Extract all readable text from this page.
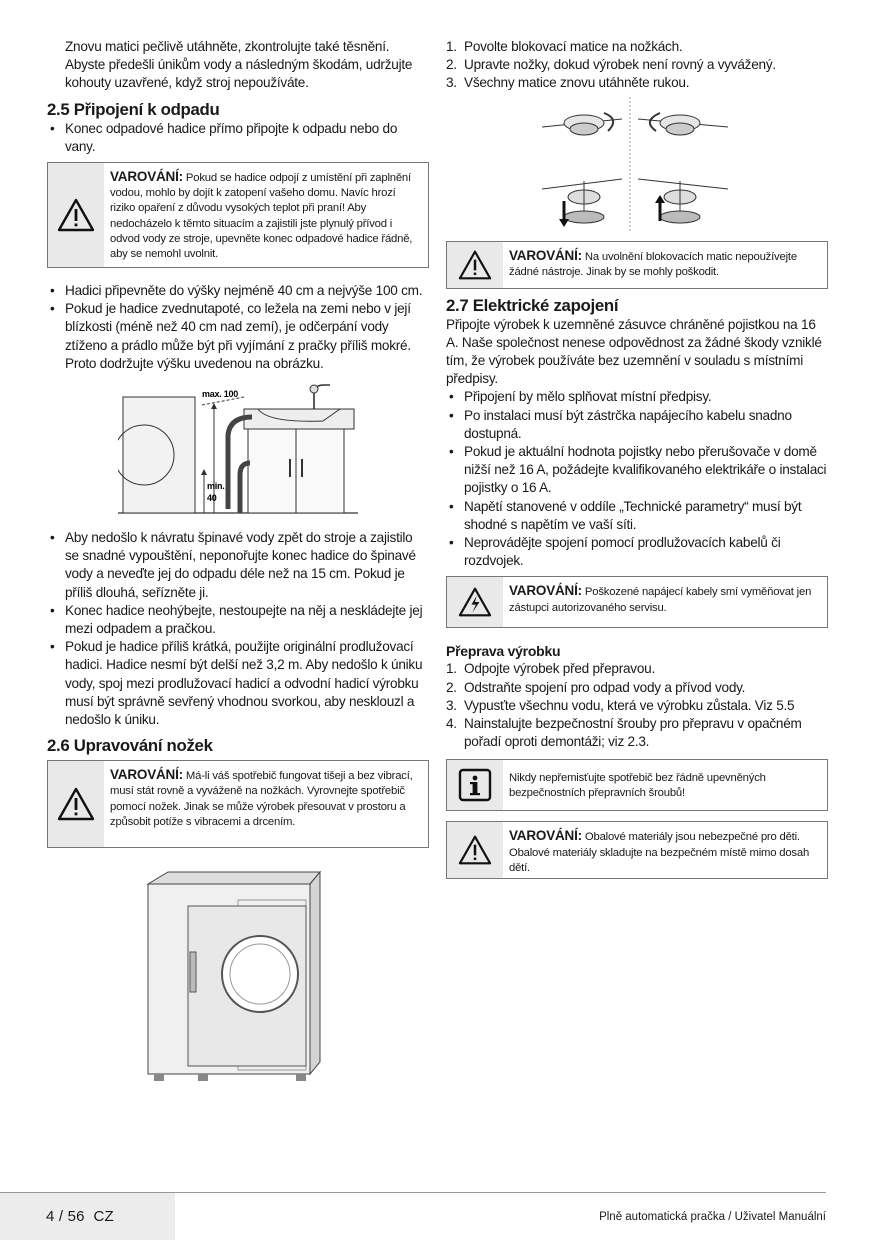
Znovu matici pečlivě utáhněte, zkontrolujte také těsnění. Abyste předešli únikům vody a následným škodám, udržujte kohouty uzavřené, když stroj nepoužíváte.

2.5 Připojení k odpadu
• Konec odpadové hadice přímo připojte k odpadu nebo do vany.
VAROVÁNÍ: Pokud se hadice odpojí z umístění při zaplnění vodou, mohlo by dojít k zatopení vašeho domu. Navíc hrozí riziko opaření z důvodu vysokých teplot při praní! Aby nedocházelo k těmto situacím a zajistili jste plynulý přívod i odvod vody ze stroje, upevněte konec odpadové hadice řádně, aby se nemohl uvolnit.
• Hadici připevněte do výšky nejméně 40 cm a nejvýše 100 cm.
• Pokud je hadice zvednutapoté, co ležela na zemi nebo v její blízkosti (méně než 40 cm nad zemí), je odčerpání vody ztíženo a prádlo může být při vyjímání z pračky příliš mokré. Proto dodržujte výšku uvedenou na obrázku.
max. 100
min.
40
• Aby nedošlo k návratu špinavé vody zpět do stroje a zajistilo se snadné vypouštění, neponořujte konec hadice do špinavé vody a neveďte jej do odpadu déle než na 15 cm. Pokud je příliš dlouhá, seřízněte ji.
• Konec hadice neohýbejte, nestoupejte na něj a neskládejte jej mezi odpadem a pračkou.
• Pokud je hadice příliš krátká, použijte originální prodlužovací hadici. Hadice nesmí být delší než 3,2 m. Aby nedošlo k úniku vody, spoj mezi prodlužovací hadicí a odvodní hadicí výrobku musí být správně sevřený vhodnou svorkou, aby nesklouzl a nedošlo k úniku.
2.6 Upravování nožek
VAROVÁNÍ: Má-li váš spotřebič fungovat tišeji a bez vibrací, musí stát rovně a vyváženě na nožkách. Vyrovnejte spotřebič pomocí nožek. Jinak se může výrobek přesouvat v prostoru a způsobit potíže s vibracemi a drcením.
1. Povolte blokovací matice na nožkách.
2. Upravte nožky, dokud výrobek není rovný a vyvážený.
3. Všechny matice znovu utáhněte rukou.
VAROVÁNÍ: Na uvolnění blokovacích matic nepoužívejte žádné nástroje. Jinak by se mohly poškodit.
2.7 Elektrické zapojení

Připojte výrobek k uzemněné zásuvce chráněné pojistkou na 16 A. Naše společnost nenese odpovědnost za žádné škody vzniklé tím, že výrobek používáte bez uzemnění v souladu s místními předpisy.

• Připojení by mělo splňovat místní předpisy.
• Po instalaci musí být zástrčka napájecího kabelu snadno dostupná.
• Pokud je aktuální hodnota pojistky nebo přerušovače v domě nižší než 16 A, požádejte kvalifikovaného elektrikáře o instalaci pojistky o 16 A.
• Napětí stanovené v oddíle „Technické parametry“ musí být shodné s napětím ve vaší síti.
• Neprovádějte spojení pomocí prodlužovacích kabelů či rozdvojek.
VAROVÁNÍ: Poškozené napájecí kabely smí vyměňovat jen zástupci autorizovaného servisu.
Přeprava výrobku
1. Odpojte výrobek před přepravou.
2. Odstraňte spojení pro odpad vody a přívod vody.
3. Vypusťte všechnu vodu, která ve výrobku zůstala. Viz 5.5
4. Nainstalujte bezpečnostní šrouby pro přepravu v opačném pořadí oproti demontáži; viz 2.3.
Nikdy nepřemisťujte spotřebič bez řádně upevněných bezpečnostních přepravních šroubů!
VAROVÁNÍ: Obalové materiály jsou nebezpečné pro děti. Obalové materiály skladujte na bezpečném místě mimo dosah dětí.
4 / 56  CZ	Plně automatická pračka / Uživatel Manuální
